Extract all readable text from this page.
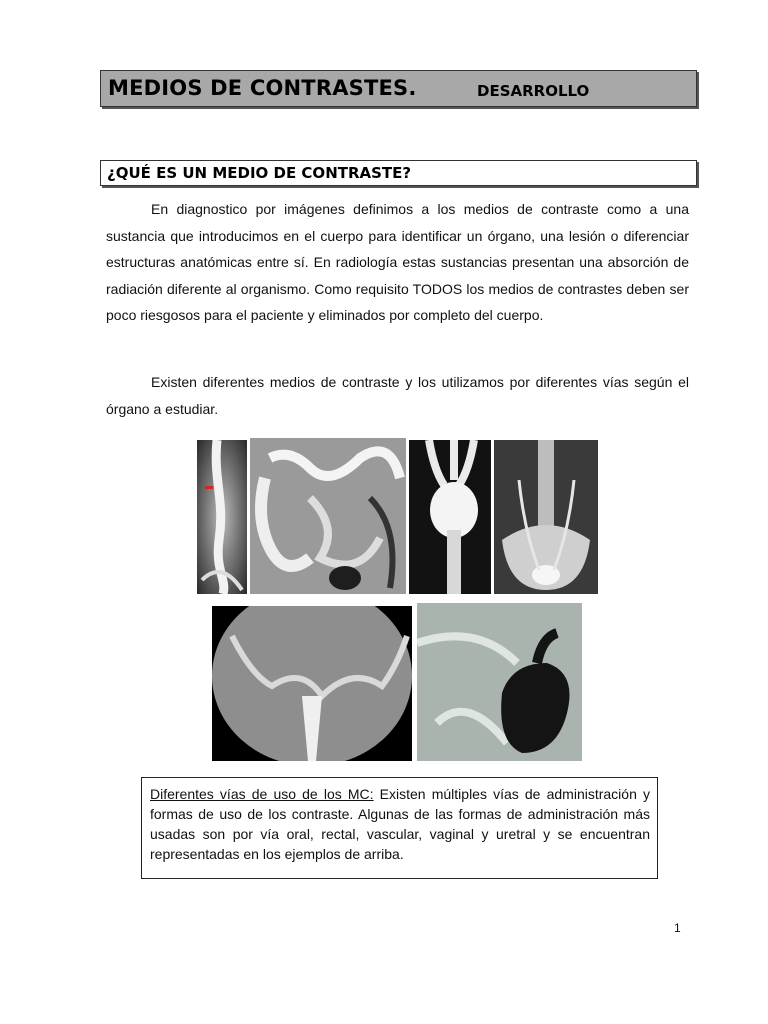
MEDIOS DE CONTRASTES.	DESARROLLO
¿QUÉ ES UN MEDIO DE CONTRASTE?

En diagnostico por imágenes definimos a los medios de contraste como a una sustancia que introducimos en el cuerpo para identificar un órgano, una lesión o diferenciar estructuras anatómicas entre sí. En radiología estas sustancias presentan una absorción de radiación diferente al organismo. Como requisito TODOS los medios de contrastes deben ser poco riesgosos para el paciente y eliminados por completo del cuerpo.

Existen diferentes medios de contraste y los utilizamos por diferentes vías según el órgano a estudiar.

Diferentes vías de uso de los MC: Existen múltiples vías de administración y formas de uso de los contraste. Algunas de las formas de administración más usadas son por vía oral, rectal, vascular, vaginal y uretral y se encuentran representadas en los ejemplos de arriba.

1
